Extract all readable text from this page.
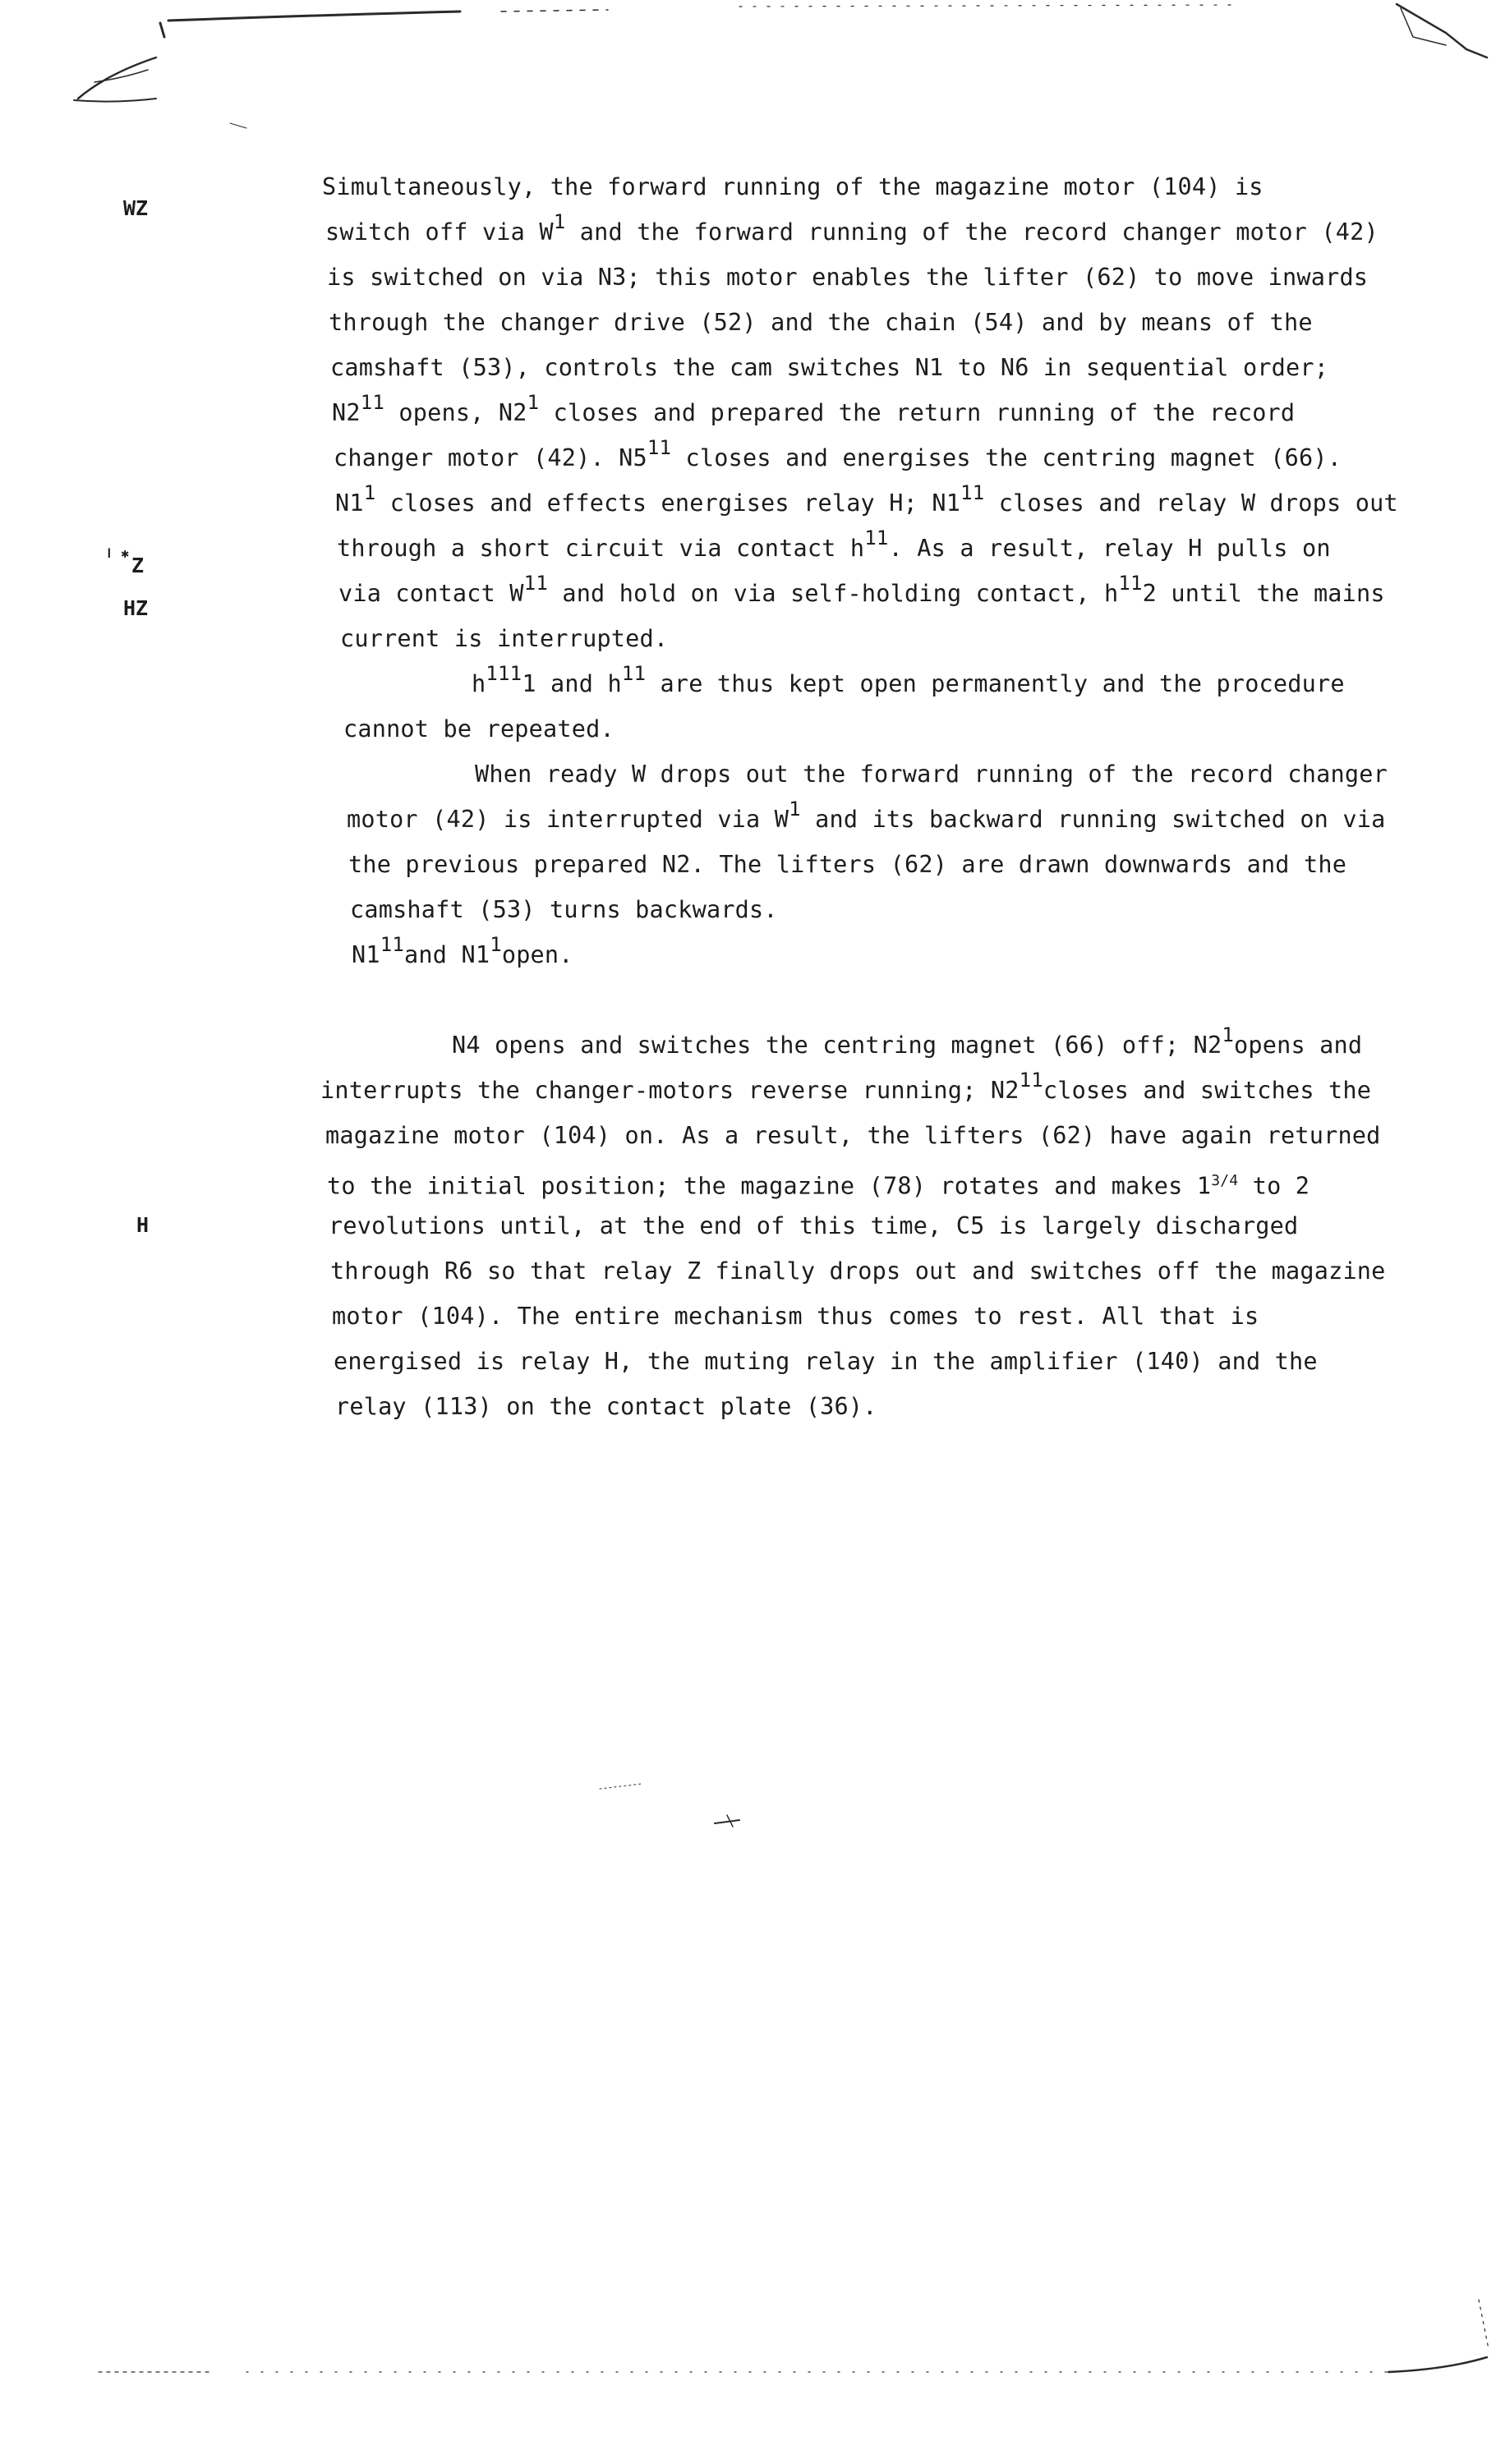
WZ
ǀ ✱
Z
HZ
H
Simultaneously, the forward running of the magazine motor (104) is
switch off via $W^1$ and the forward running of the record changer motor (42)
is switched on via N3; this motor enables the lifter (62) to move inwards
through the changer drive (52) and the chain (54) and by means of the
camshaft (53), controls the cam switches N1 to N6 in sequential order;
$N2^{11}$ opens, $N2^1$ closes and prepared the return running of the record
changer motor (42). $N5^{11}$ closes and energises the centring magnet (66).
$N1^1$ closes and effects energises relay H; $N1^{11}$ closes and relay W drops out
through a short circuit via contact $h^{11}$. As a result, relay H pulls on
via contact $W^{11}$ and hold on via self-holding contact, $h^{11}2$ until the mains
current is interrupted.
$h^{111}1$ and $h^{11}$ are thus kept open permanently and the procedure
cannot be repeated.
When ready W drops out the forward running of the record changer
motor (42) is interrupted via $W^1$ and its backward running switched on via
the previous prepared N2. The lifters (62) are drawn downwards and the
camshaft (53) turns backwards.
$N1^{11}and$ $N1^1open$.
N4 opens and switches the centring magnet (66) off; $N2^1opens$ and
interrupts the changer-motors reverse running; $N2^{11}closes$ and switches the
magazine motor (104) on. As a result, the lifters (62) have again returned
to the initial position; the magazine (78) rotates and makes $1^{3/4}$ to 2
revolutions until, at the end of this time, C5 is largely discharged
through R6 so that relay Z finally drops out and switches off the magazine
motor (104). The entire mechanism thus comes to rest. All that is
energised is relay H, the muting relay in the amplifier (140) and the
relay (113) on the contact plate (36).
